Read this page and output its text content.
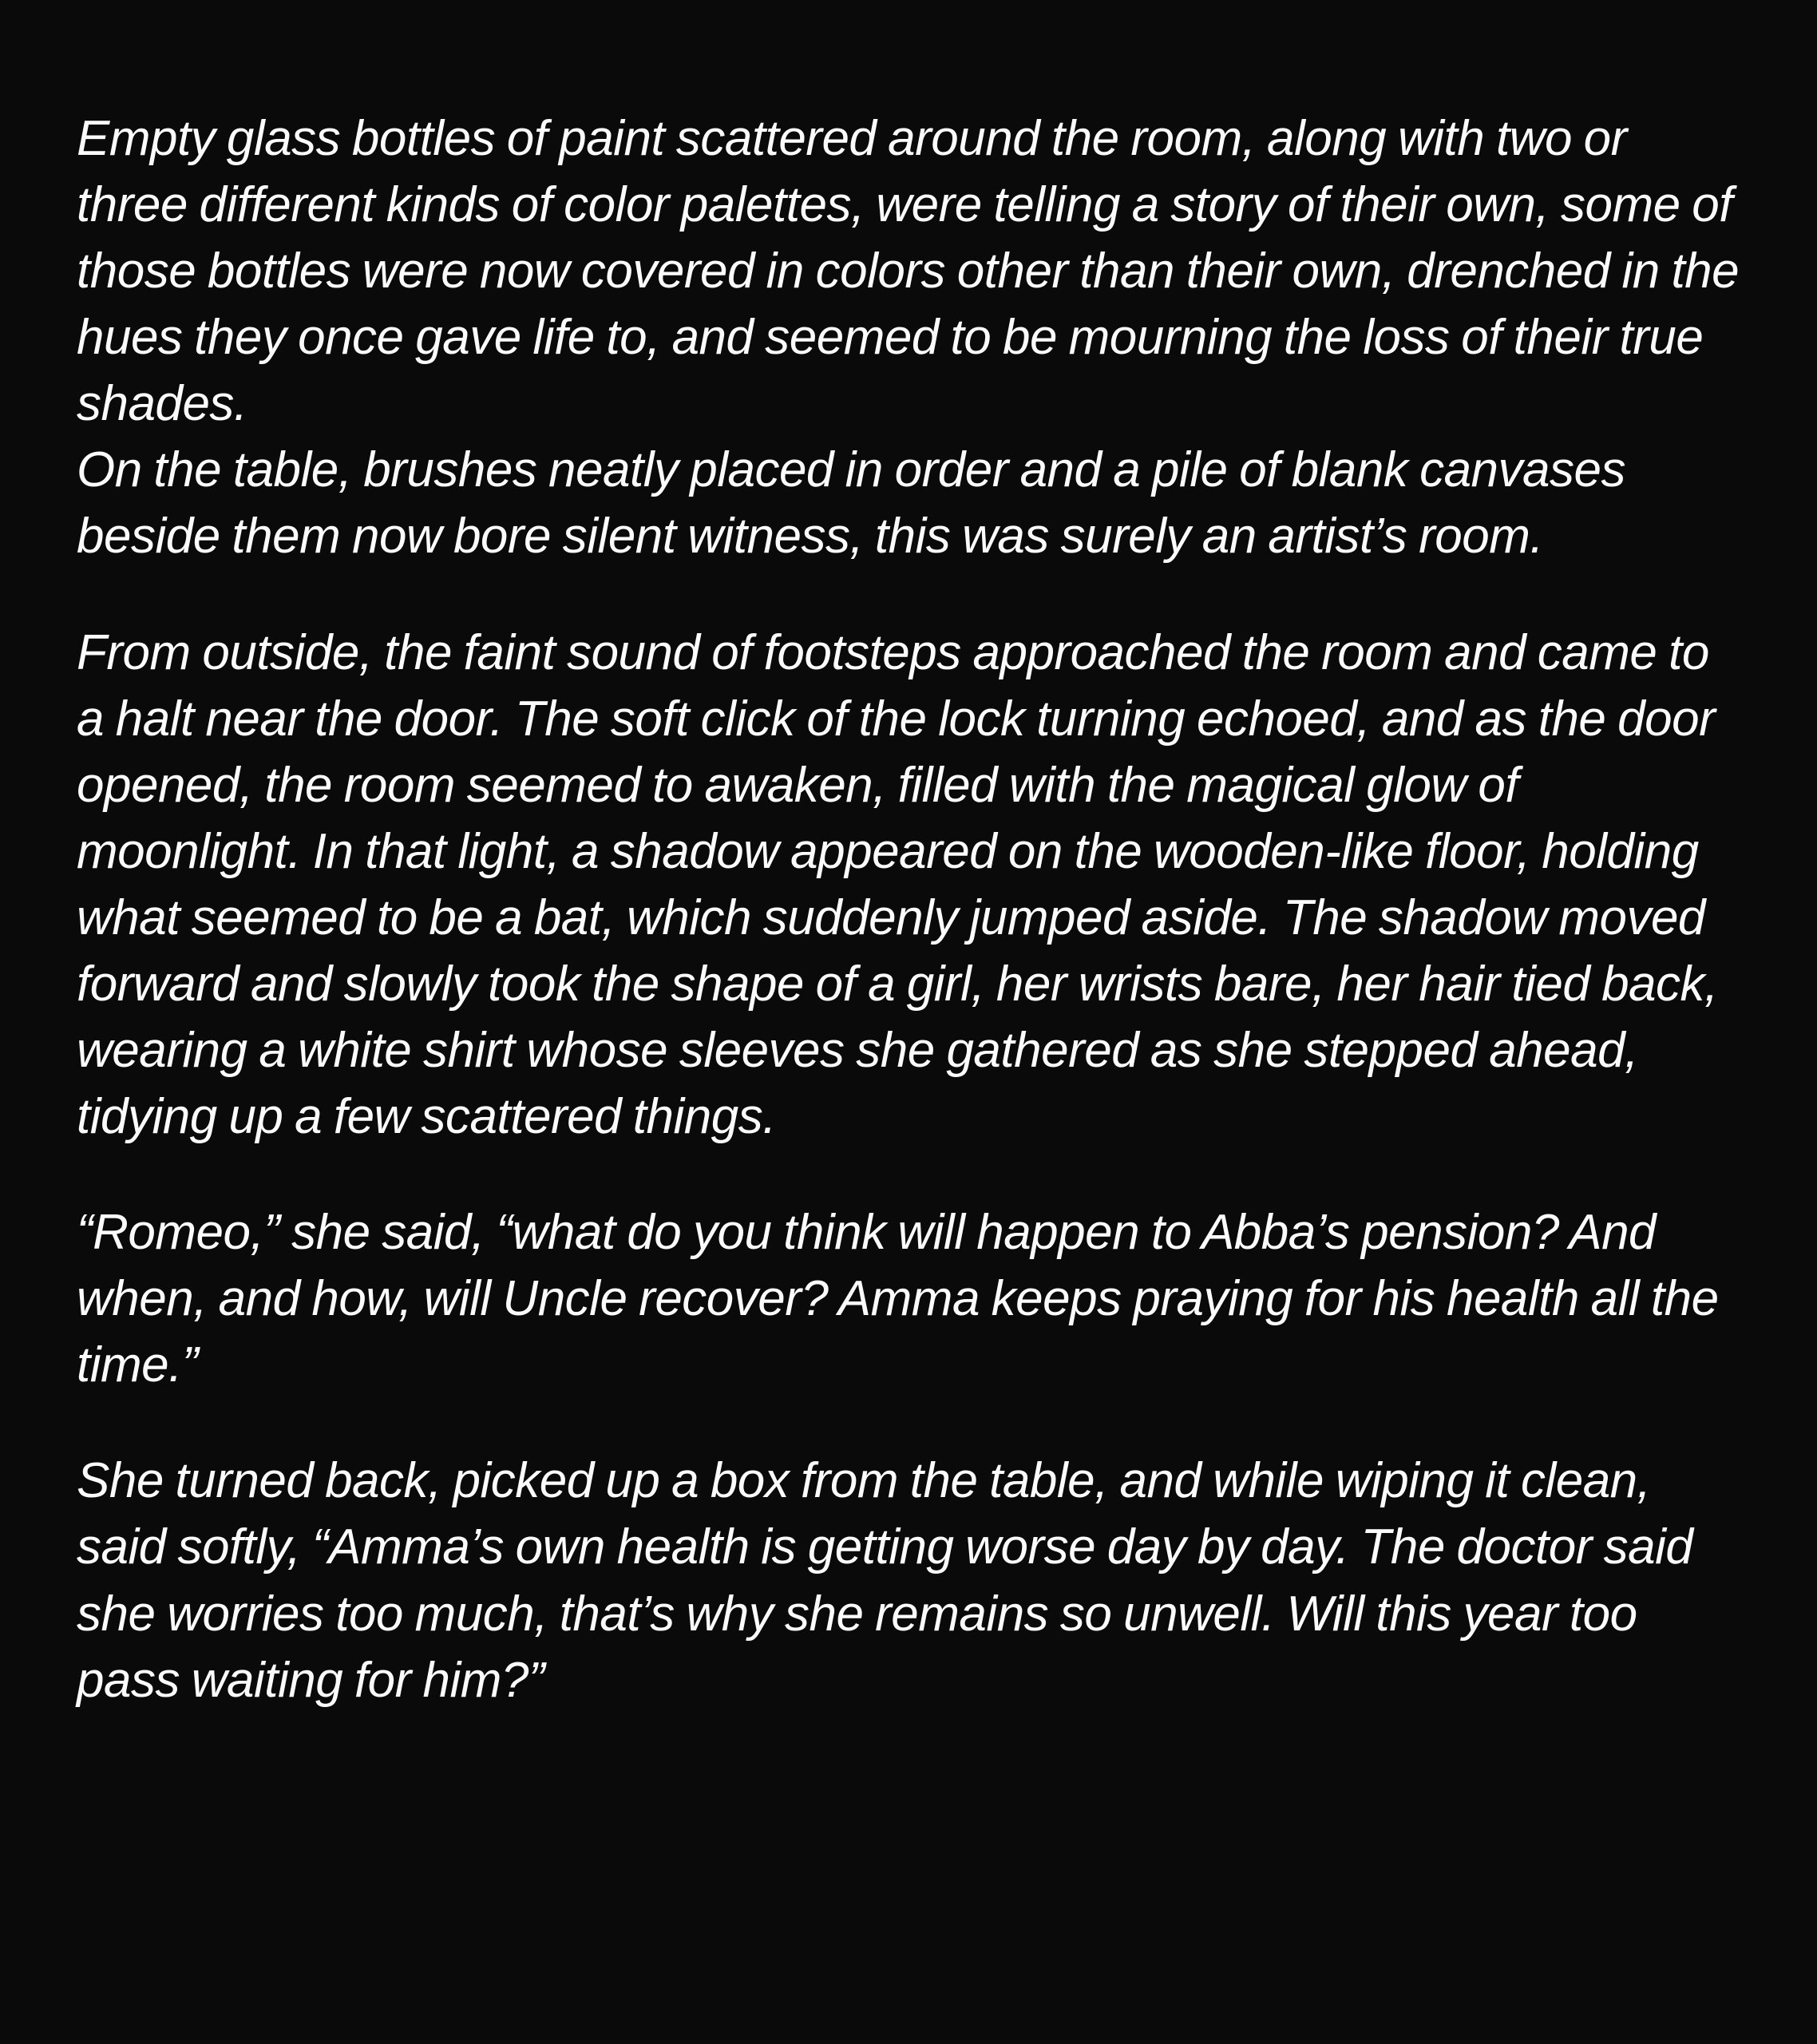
Empty glass bottles of paint scattered around the room, along with two or three different kinds of color palettes, were telling a story of their own, some of those bottles were now covered in colors other than their own, drenched in the hues they once gave life to, and seemed to be mourning the loss of their true shades.

On the table, brushes neatly placed in order and a pile of blank canvases beside them now bore silent witness, this was surely an artist’s room.

From outside, the faint sound of footsteps approached the room and came to a halt near the door. The soft click of the lock turning echoed, and as the door opened, the room seemed to awaken, filled with the magical glow of moonlight. In that light, a shadow appeared on the wooden-like floor, holding what seemed to be a bat, which suddenly jumped aside. The shadow moved forward and slowly took the shape of a girl, her wrists bare, her hair tied back, wearing a white shirt whose sleeves she gathered as she stepped ahead, tidying up a few scattered things.

“Romeo,” she said, “what do you think will happen to Abba’s pension? And when, and how, will Uncle recover? Amma keeps praying for his health all the time.”

She turned back, picked up a box from the table, and while wiping it clean, said softly, “Amma’s own health is getting worse day by day. The doctor said she worries too much, that’s why she remains so unwell. Will this year too pass waiting for him?”
